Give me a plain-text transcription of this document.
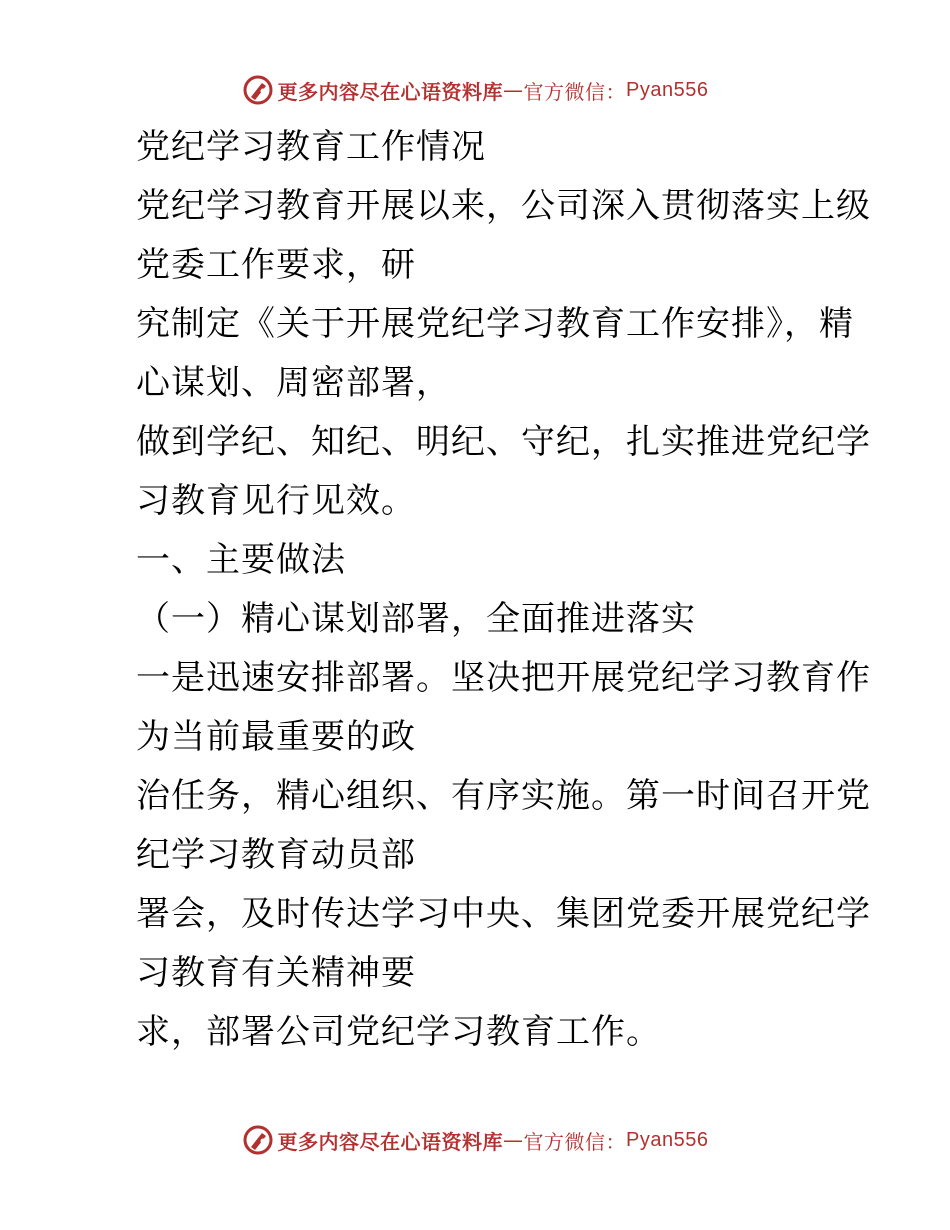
更多内容尽在心语资料库 — 官方微信： Pyan556

党纪学习教育工作情况

党纪学习教育开展以来，公司深入贯彻落实上级

党委工作要求，研

究制定《关于开展党纪学习教育工作安排》，精

心谋划、周密部署，

做到学纪、知纪、明纪、守纪，扎实推进党纪学

习教育见行见效。

一、主要做法

（一）精心谋划部署，全面推进落实

一是迅速安排部署。坚决把开展党纪学习教育作

为当前最重要的政

治任务，精心组织、有序实施。第一时间召开党

纪学习教育动员部

署会，及时传达学习中央、集团党委开展党纪学

习教育有关精神要

求，部署公司党纪学习教育工作。

更多内容尽在心语资料库 — 官方微信： Pyan556
